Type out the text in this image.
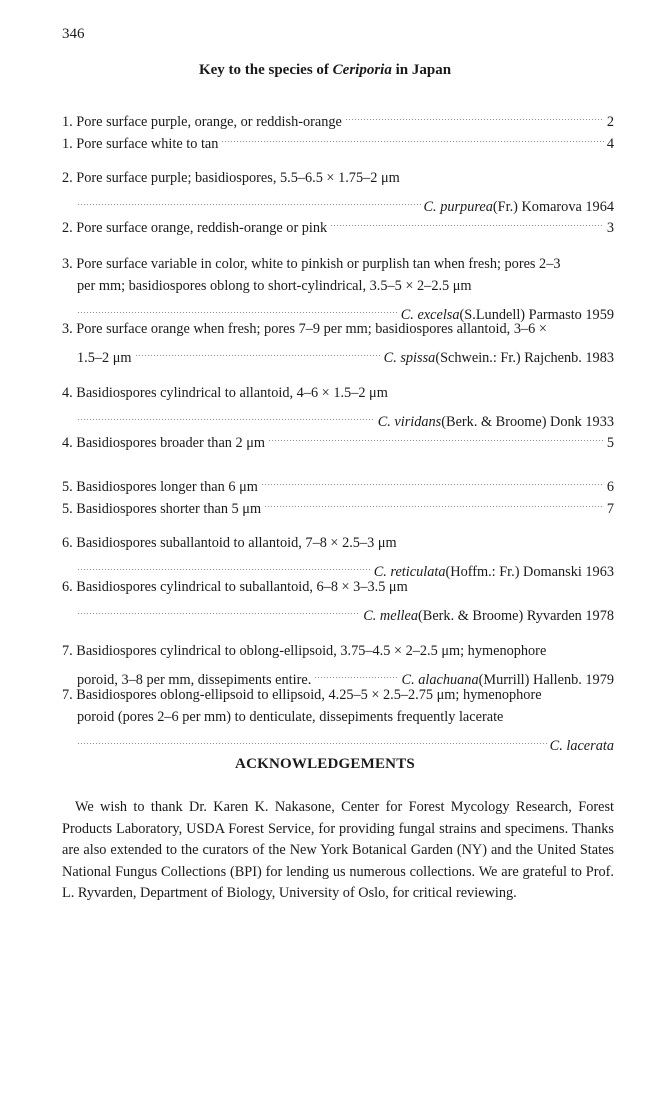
346
Key to the species of Ceriporia in Japan
1. Pore surface purple, orange, or reddish-orange	2
1. Pore surface white to tan	4
2. Pore surface purple; basidiospores, 5.5–6.5 × 1.75–2 μm
C. purpurea (Fr.) Komarova 1964
2. Pore surface orange, reddish-orange or pink	3
3. Pore surface variable in color, white to pinkish or purplish tan when fresh; pores 2–3
per mm; basidiospores oblong to short-cylindrical, 3.5–5 × 2–2.5 μm
C. excelsa (S.Lundell) Parmasto 1959
3. Pore surface orange when fresh; pores 7–9 per mm; basidiospores allantoid, 3–6 ×
1.5–2 μm	C. spissa (Schwein.: Fr.) Rajchenb. 1983
4. Basidiospores cylindrical to allantoid, 4–6 × 1.5–2 μm
C. viridans (Berk. & Broome) Donk 1933
4. Basidiospores broader than 2 μm	5
5. Basidiospores longer than 6 μm	6
5. Basidiospores shorter than 5 μm	7
6. Basidiospores suballantoid to allantoid, 7–8 × 2.5–3 μm
C. reticulata (Hoffm.: Fr.) Domanski 1963
6. Basidiospores cylindrical to suballantoid, 6–8 × 3–3.5 μm
C. mellea (Berk. & Broome) Ryvarden 1978
7. Basidiospores cylindrical to oblong-ellipsoid, 3.75–4.5 × 2–2.5 μm; hymenophore
poroid, 3–8 per mm, dissepiments entire.	C. alachuana (Murrill) Hallenb. 1979
7. Basidiospores oblong-ellipsoid to ellipsoid, 4.25–5 × 2.5–2.75 μm; hymenophore
poroid (pores 2–6 per mm) to denticulate, dissepiments frequently lacerate
C. lacerata
ACKNOWLEDGEMENTS
We wish to thank Dr. Karen K. Nakasone, Center for Forest Mycology Research, Forest Products Laboratory, USDA Forest Service, for providing fungal strains and specimens. Thanks are also extended to the curators of the New York Botanical Garden (NY) and the United States National Fungus Collections (BPI) for lending us numerous collections. We are grateful to Prof. L. Ryvarden, Department of Biology, University of Oslo, for critical reviewing.
